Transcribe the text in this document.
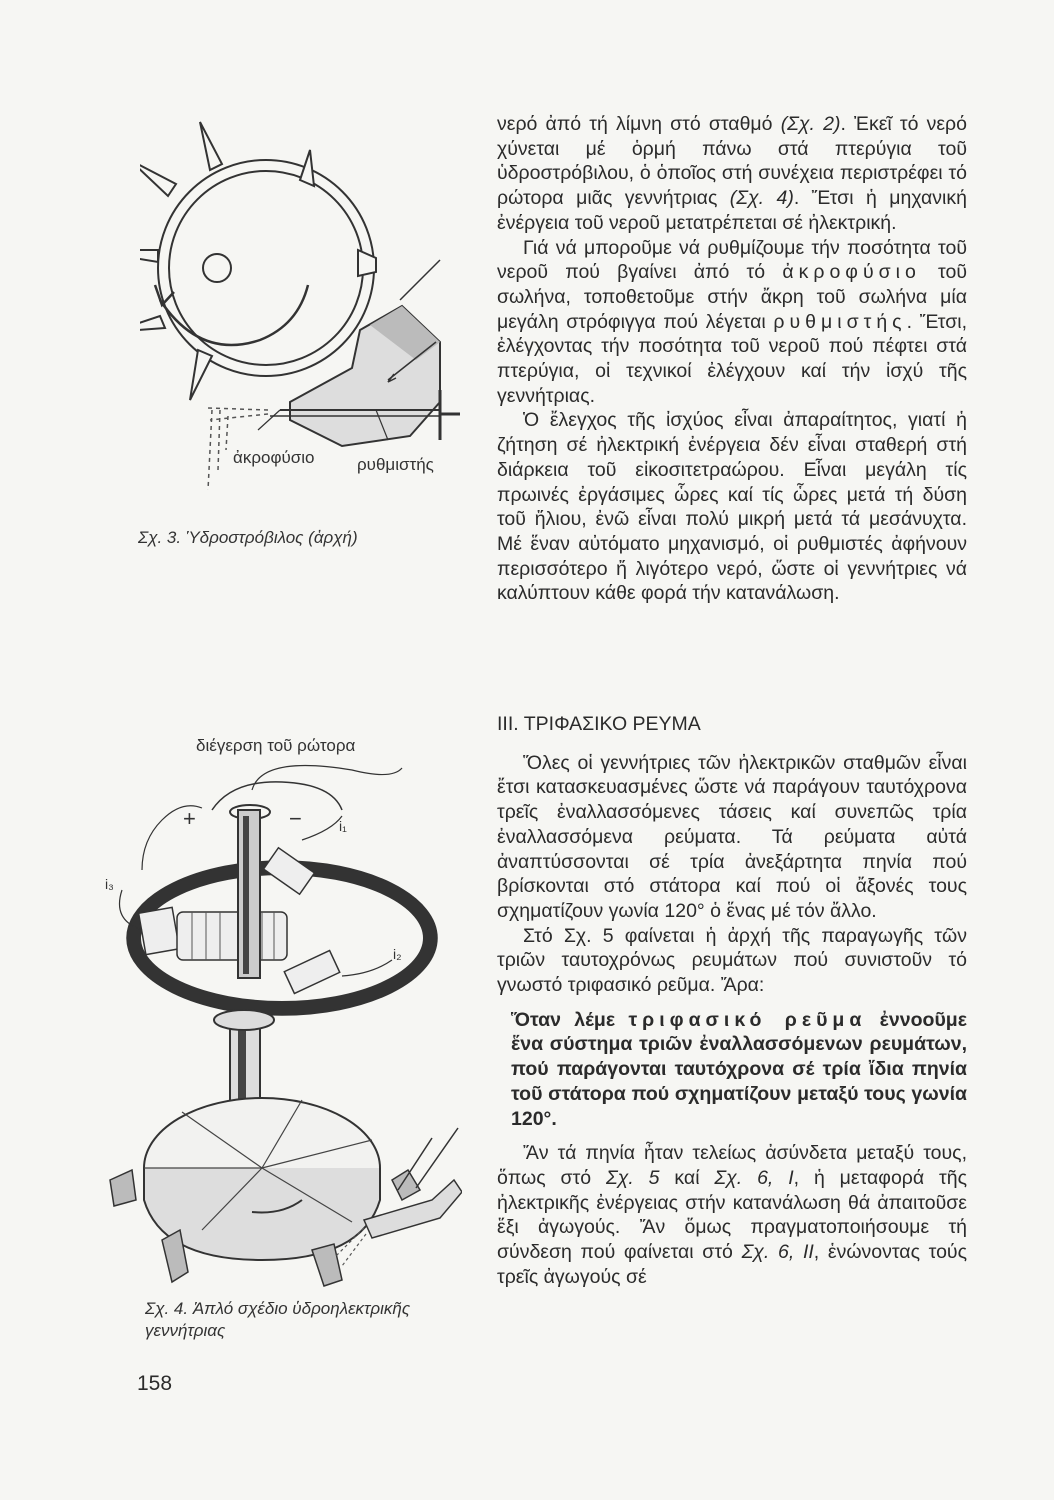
ἀκροφύσιο	ρυθμιστής
Σχ. 3. Ὑδροστρόβιλος (ἀρχή)
διέγερση τοῦ ρώτορα
+	−	i₁
i₂
i₃
Σχ. 4. Ἁπλό σχέδιο ὑδροηλεκτρικῆς
γεννήτριας

νερό ἀπό τή λίμνη στό σταθμό (Σχ. 2). Ἐκεῖ τό νερό χύνεται μέ ὁρμή πάνω στά πτερύγια τοῦ ὑδροστρόβιλου, ὁ ὁποῖος στή συνέχεια περιστρέφει τό ρώτορα μιᾶς γεννήτριας (Σχ. 4). Ἔτσι ἡ μηχανική ἐνέργεια τοῦ νεροῦ μετατρέπεται σέ ἠλεκτρική.

Γιά νά μποροῦμε νά ρυθμίζουμε τήν ποσότητα τοῦ νεροῦ πού βγαίνει ἀπό τό ἀκροφύσιο τοῦ σωλήνα, τοποθετοῦμε στήν ἄκρη τοῦ σωλήνα μία μεγάλη στρόφιγγα πού λέγεται ρυθμιστής. Ἔτσι, ἐλέγχοντας τήν ποσότητα τοῦ νεροῦ πού πέφτει στά πτερύγια, οἱ τεχνικοί ἐλέγχουν καί τήν ἰσχύ τῆς γεννήτριας.

Ὁ ἔλεγχος τῆς ἰσχύος εἶναι ἀπαραίτητος, γιατί ἡ ζήτηση σέ ἠλεκτρική ἐνέργεια δέν εἶναι σταθερή στή διάρκεια τοῦ εἰκοσιτετραώρου. Εἶναι μεγάλη τίς πρωινές ἐργάσιμες ὧρες καί τίς ὧρες μετά τή δύση τοῦ ἥλιου, ἐνῶ εἶναι πολύ μικρή μετά τά μεσάνυχτα. Μέ ἕναν αὐτόματο μηχανισμό, οἱ ρυθμιστές ἀφήνουν περισσότερο ἤ λιγότερο νερό, ὥστε οἱ γεννήτριες νά καλύπτουν κάθε φορά τήν κατανάλωση.

ΙΙΙ. ΤΡΙΦΑΣΙΚΟ ΡΕΥΜΑ

Ὅλες οἱ γεννήτριες τῶν ἠλεκτρικῶν σταθμῶν εἶναι ἔτσι κατασκευασμένες ὥστε νά παράγουν ταυτόχρονα τρεῖς ἐναλλασσόμενες τάσεις καί συνεπῶς τρία ἐναλλασσόμενα ρεύματα. Τά ρεύματα αὐτά ἀναπτύσσονται σέ τρία ἀνεξάρτητα πηνία πού βρίσκονται στό στάτορα καί πού οἱ ἄξονές τους σχηματίζουν γωνία 120° ὁ ἕνας μέ τόν ἄλλο.

Στό Σχ. 5 φαίνεται ἡ ἀρχή τῆς παραγωγῆς τῶν τριῶν ταυτοχρόνως ρευμάτων πού συνιστοῦν τό γνωστό τριφασικό ρεῦμα. Ἄρα:

Ὅταν λέμε τριφασικό ρεῦμα ἐννοοῦμε ἕνα σύστημα τριῶν ἐναλλασσόμενων ρευμάτων, πού παράγονται ταυτόχρονα σέ τρία ἴδια πηνία τοῦ στάτορα πού σχηματίζουν μεταξύ τους γωνία 120°.

Ἄν τά πηνία ἦταν τελείως ἀσύνδετα μεταξύ τους, ὅπως στό Σχ. 5 καί Σχ. 6, I, ἡ μεταφορά τῆς ἠλεκτρικῆς ἐνέργειας στήν κατανάλωση θά ἀπαιτοῦσε ἕξι ἀγωγούς. Ἄν ὅμως πραγματοποιήσουμε τή σύνδεση πού φαίνεται στό Σχ. 6, II, ἑνώνοντας τούς τρεῖς ἀγωγούς σέ

158
